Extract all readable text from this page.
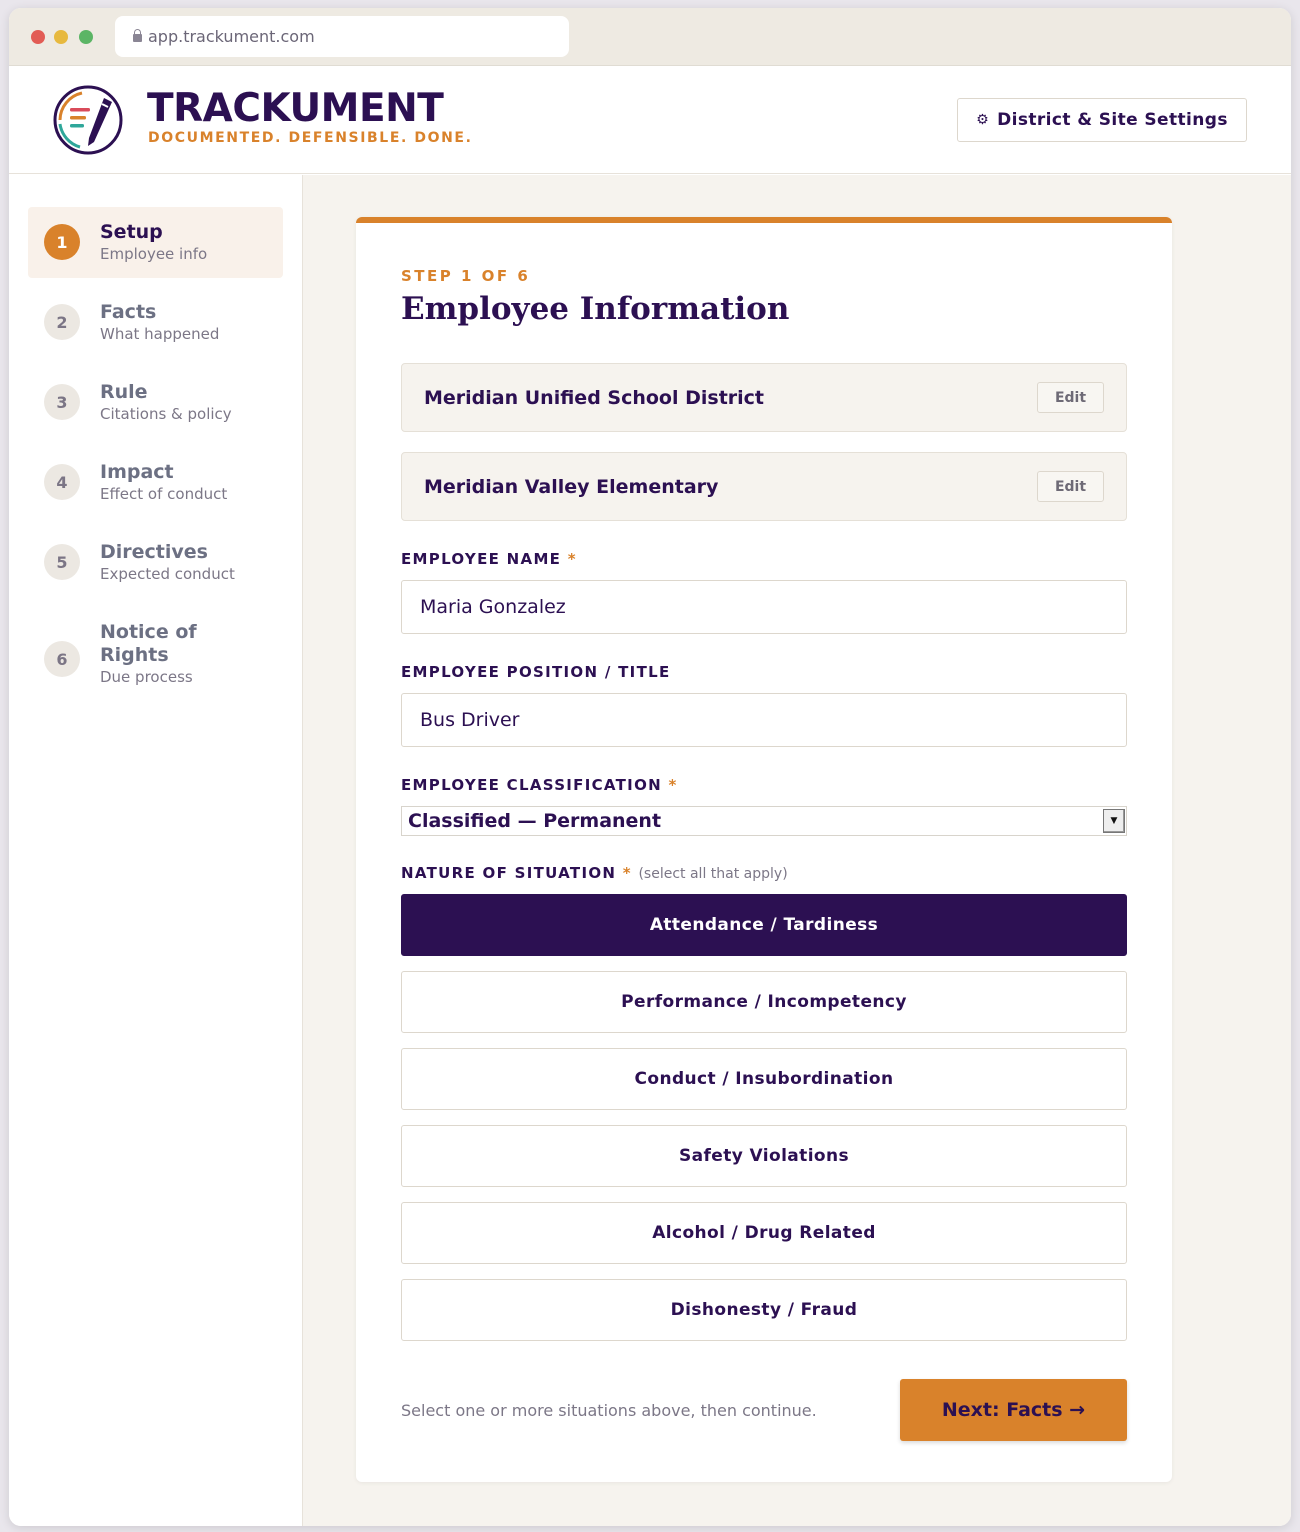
app.trackument.com
TRACKUMENT
DOCUMENTED. DEFENSIBLE. DONE.
⚙ District & Site Settings
1	Setup
Employee info
2	Facts
What happened
3	Rule
Citations & policy
4	Impact
Effect of conduct
5	Directives
Expected conduct
6
Notice of Rights
Due process
STEP 1 OF 6
Employee Information
Meridian Unified School District	Edit
Meridian Valley Elementary	Edit
EMPLOYEE NAME *
Maria Gonzalez
EMPLOYEE POSITION / TITLE
Bus Driver
EMPLOYEE CLASSIFICATION *
Classified — Permanent	▼
NATURE OF SITUATION * (select all that apply)
Attendance / Tardiness
Performance / Incompetency
Conduct / Insubordination
Safety Violations
Alcohol / Drug Related
Dishonesty / Fraud
Select one or more situations above, then continue.	Next: Facts →
